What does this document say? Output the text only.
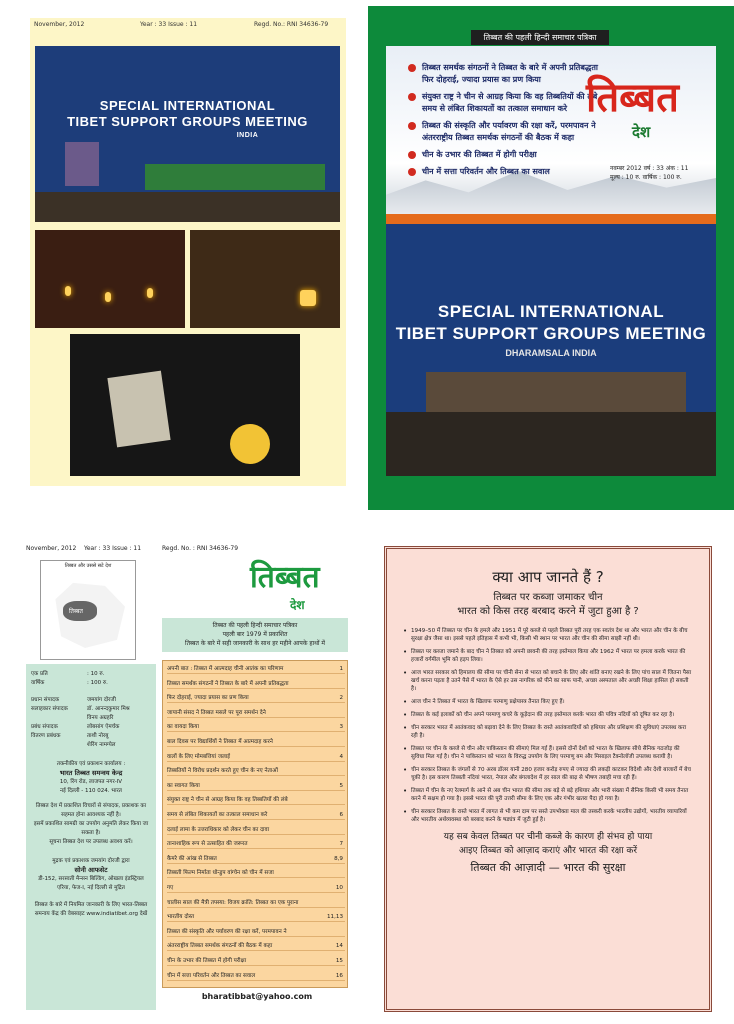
November, 2012	Year : 33 Issue : 11	Regd. No.: RNI 34636-79
SPECIAL INTERNATIONAL
TIBET SUPPORT GROUPS MEETING
INDIA
तिब्बत की पहली हिन्दी समाचार पत्रिका
तिब्बत समर्थक संगठनों ने तिब्बत के बारे में अपनी प्रतिबद्धता फिर दोहराई, ज्यादा प्रयास का प्रण किया
संयुक्त राष्ट्र ने चीन से आग्रह किया कि वह तिब्बतियों की लंबे समय से लंबित शिकायतों का तत्काल समाधान करे
तिब्बत की संस्कृति और पर्यावरण की रक्षा करें, परमपावन ने अंतरराष्ट्रीय तिब्बत समर्थक संगठनों की बैठक में कहा
चीन के उभार की तिब्बत में होगी परीक्षा
चीन में सत्ता परिवर्तन और तिब्बत का सवाल
तिब्बत
देश
नवम्बर 2012 वर्ष : 33 अंक : 11
मूल्य : 10 रु. वार्षिक : 100 रु.
SPECIAL INTERNATIONAL
TIBET SUPPORT GROUPS MEETING
DHARAMSALA INDIA
November, 2012 Year : 33 Issue : 11	Regd. No. : RNI 34636-79
तिब्बत और उससे सटे देश
तिब्बत
तिब्बत
देश
तिब्बत की पहली हिन्दी समाचार पत्रिका
पहली बार 1979 में प्रकाशित
तिब्बत के बारे में सही जानकारी के साथ हर महीने आपके हाथों में
एक प्रति	: 10 रु.
वार्षिक	: 100 रु.
प्रधान संपादक	जमयांग दोरजी
सलाहकार संपादक	डॉ. आनन्दकुमार मिश्र
विनय अग्रहरि
प्रबंध संपादक	लोबसांग ऐमर्चक
वितरण प्रबंधक	ताशी नोरबू
शेरिंग नामग्येल
तकनीकीय एवं प्रकाशन कार्यालय :
भारत तिब्बत समन्वय केन्द्र
10, रिंग रोड, लाजपत नगर-IV
नई दिल्ली - 110 024. भारत
तिब्बत देश में प्रकाशित विचारों से संपादक, प्रकाशक का सहमत होना आवश्यक नहीं है।
इसमें प्रकाशित सामग्री का उपयोग अनुमति लेकर किया जा सकता है।
सूचना तिब्बत देश पर उपलब्ध अवश्य करें।
मुद्रक एवं प्रकाशक जमयांग दोरजी द्वारा
सोनी आफसेट
डी-152, सरस्वती मैन्सन बिल्डिंग, ओखला इंडस्ट्रियल एरिया, फेज-I, नई दिल्ली से मुद्रित
तिब्बत के बारे में नियमित जानकारी के लिए भारत-तिब्बत समन्वय केंद्र की वेबसाइट www.indiatibet.org देखें
अपनी बात : तिब्बत में आत्मदाह चीनी आतंक का परिणाम	1
तिब्बत समर्थक संगठनों ने तिब्बत के बारे में अपनी प्रतिबद्धता
फिर दोहराई, ज्यादा प्रयास का प्रण किया	2
जापानी संसद ने तिब्बत मसले पर पूरा समर्थन देने
का वायदा किया	3
बाल दिवस पर विद्यार्थियों ने तिब्बत में आत्मदाह करने
वालों के लिए मोमबत्तियां जलाई	4
तिब्बतियों ने विरोध प्रदर्शन करते हुए चीन के नए नेताओं
का स्वागत किया	5
संयुक्त राष्ट्र ने चीन से आग्रह किया कि वह तिब्बतियों की लंबे
समय से लंबित शिकायतों का तत्काल समाधान करे	6
दलाई लामा के उत्तराधिकार को लेकर चीन का दावा
तानाशाहिक रूप से उत्साहित की जरूरत	7
कैमरे की आंख से तिब्बत	8,9
तिब्बती फिल्म निर्माता धोन्डुप वांग्चेन को चीन में सजा
गए	10
चालीस साल की मैत्री तपस्या: विजय क्रांति: तिब्बत का एक पुराना
भारतीय दोस्त	11,13
तिब्बत की संस्कृति और पर्यावरण की रक्षा करें, परमपावन ने
अंतरराष्ट्रीय तिब्बत समर्थक संगठनों की बैठक में कहा	14
चीन के उभार की तिब्बत में होगी परीक्षा	15
चीन में सत्ता परिवर्तन और तिब्बत का सवाल	16
bharatibbat@yahoo.com
क्या आप जानते हैं ?
तिब्बत पर कब्जा जमाकर चीन
भारत को किस तरह बरबाद करने में जुटा हुआ है ?
• 1949–50 में तिब्बत पर चीन के हमले और 1951 में पूरे कब्जे से पहले तिब्बत पूरी तरह एक स्वतंत्र देश था और भारत और चीन के बीच सुरक्षा क्षेत्र जैसा था। इससे पहले इतिहास में कभी भी, किसी भी स्थान पर भारत और चीन की सीमा साझी नहीं थी।
• तिब्बत पर कब्जा जमाने के बाद चीन ने तिब्बत को अपनी छावनी की तरह इस्तेमाल किया और 1962 में भारत पर हमला करके भारत की हजारों वर्गमील भूमि को हड़प लिया।
• आज भारत सरकार को हिमालय की सीमा पर चीनी सेना से भारत को बचाने के लिए और शांति बनाए रखने के लिए पांच साल में जितना पैसा खर्च करना पड़ता है उतने पैसे में भारत के ऐसे हर उस नागरिक को पीने का साफ पानी, अच्छा अस्पताल और अच्छी शिक्षा हासिल हो सकती है।
• आज चीन ने तिब्बत में भारत के खिलाफ परमाणु प्रक्षेपास्त्र तैनात किए हुए हैं।
• तिब्बत के कई इलाकों को चीन अपने परमाणु कचरे के कूड़ेदान की तरह इस्तेमाल करके भारत की पवित्र नदियों को दूषित कर रहा है।
• चीन सरकार भारत में आतंकवाद को बढ़ावा देने के लिए तिब्बत के रास्ते आतंकवादियों को हथियार और प्रशिक्षण की सुविधाएं उपलब्ध करा रही है।
• तिब्बत पर चीन के कब्जे से चीन और पाकिस्तान की सीमाएं मिल गई हैं। इससे दोनों देशों को भारत के खिलाफ सीधे सैनिक गठजोड़ की सुविधा मिल गई है। चीन ने पाकिस्तान को भारत के विरुद्ध उपयोग के लिए परमाणु बम और मिसाइल टैक्नोलॉजी उपलब्ध करायी है।
• चीन सरकार तिब्बत के जंगलों से 70 अरब डॉलर यानी 280 हजार करोड़ रुपए से ज्यादा की लकड़ी काटकर विदेशी और देशी बाजारों में बेच चुकी है। इस कारण तिब्बती नदियां भारत, नेपाल और बंगलादेश में हर साल की बाढ़ से भीषण तबाही मचा रही हैं।
• तिब्बत में चीन के नए रेलमार्ग के आने से अब चीन भारत की सीमा तक बड़े से बड़े हथियार और भारी संख्या में सैनिक किसी भी समय तैनात करने में सक्षम हो गया है। इससे भारत की पूरी उत्तरी सीमा के लिए एक और गंभीर खतरा पैदा हो गया है।
• चीन सरकार तिब्बत के रास्ते भारत में लागत से भी कम दाम पर सस्ते उपभोक्ता माल की तस्करी करके भारतीय उद्योगों, भारतीय व्यापारियों और भारतीय अर्थव्यवस्था को बरबाद करने के षड्यंत्र में जुटी हुई है।
यह सब केवल तिब्बत पर चीनी कब्जे के कारण ही संभव हो पाया
आइए तिब्बत को आज़ाद कराएं और भारत की रक्षा करें
तिब्बत की आज़ादी — भारत की सुरक्षा
